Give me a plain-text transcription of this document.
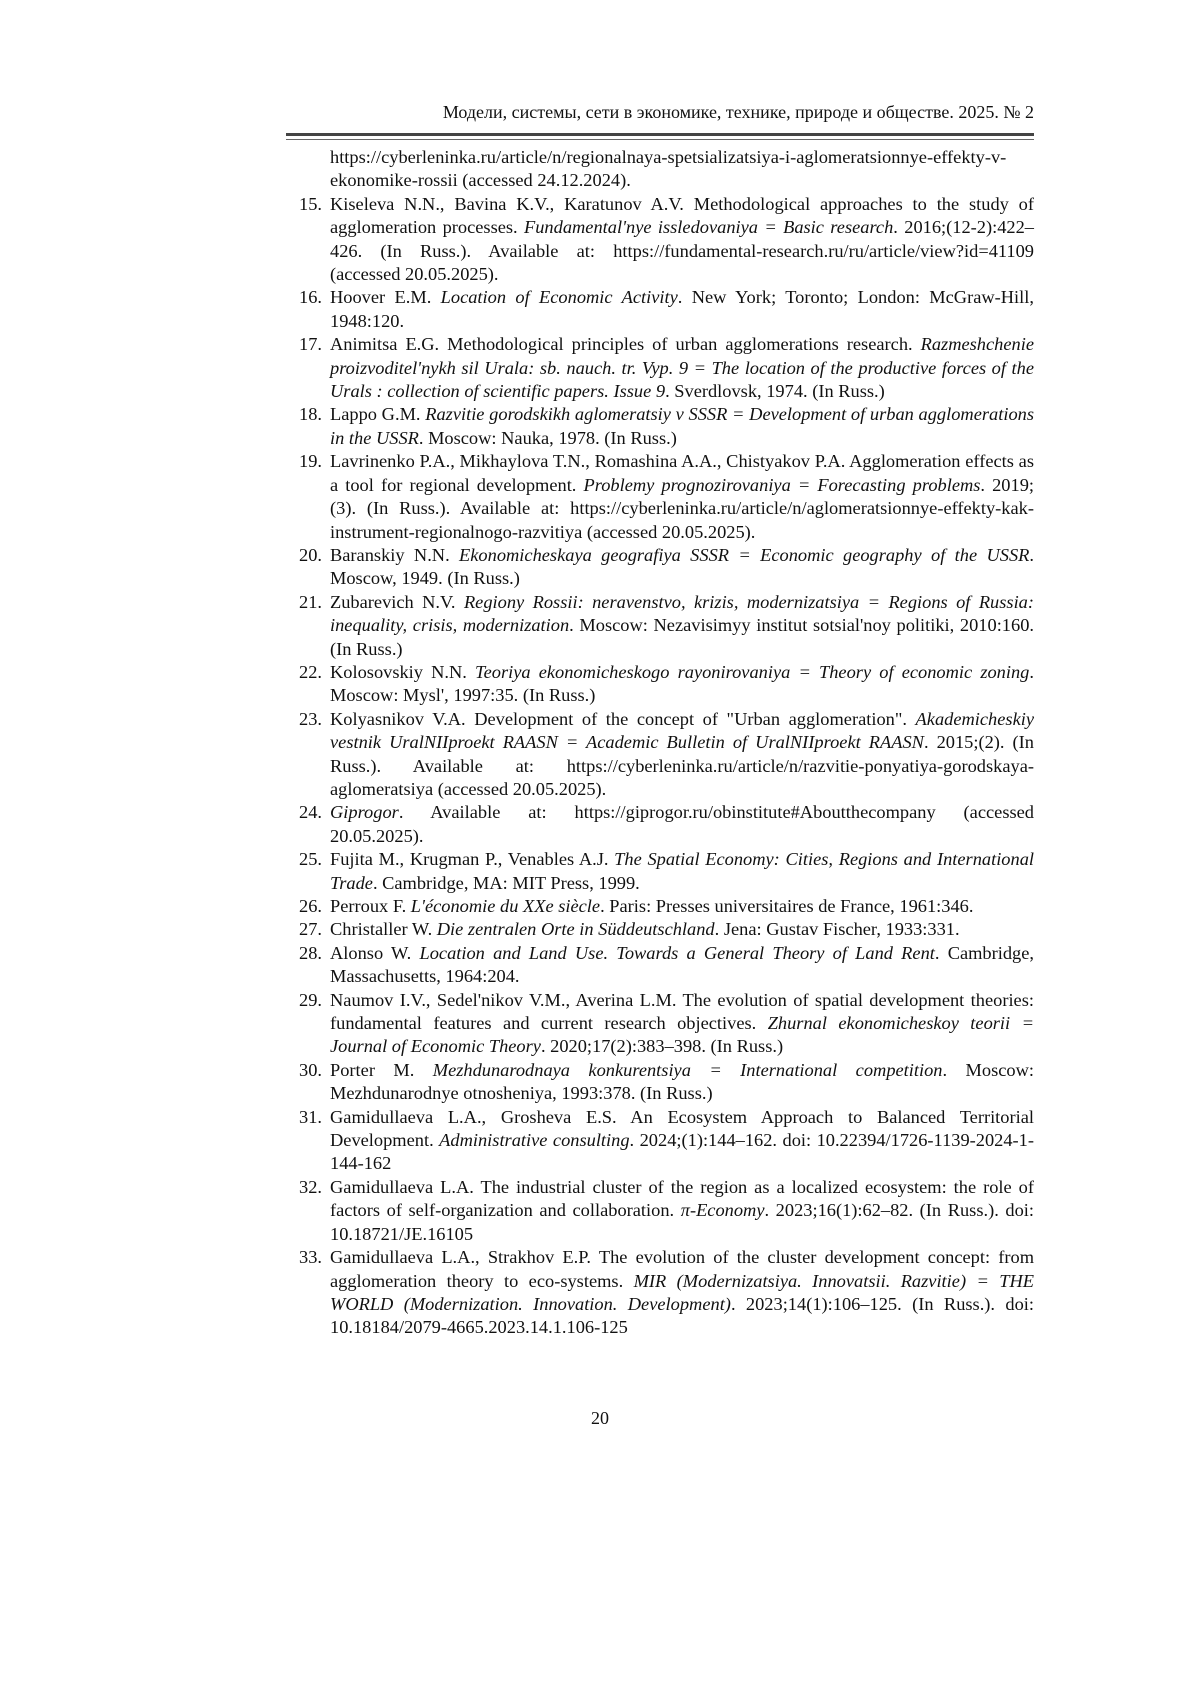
Модели, системы, сети в экономике, технике, природе и обществе. 2025. № 2
https://cyberleninka.ru/article/n/regionalnaya-spetsializatsiya-i-aglomeratsionnye-effekty-v-ekonomike-rossii (accessed 24.12.2024).
15. Kiseleva N.N., Bavina K.V., Karatunov A.V. Methodological approaches to the study of agglomeration processes. Fundamental'nye issledovaniya = Basic research. 2016;(12-2):422–426. (In Russ.). Available at: https://fundamental-research.ru/ru/article/view?id=41109 (accessed 20.05.2025).
16. Hoover E.M. Location of Economic Activity. New York; Toronto; London: McGraw-Hill, 1948:120.
17. Animitsa E.G. Methodological principles of urban agglomerations research. Razmeshchenie proizvoditel'nykh sil Urala: sb. nauch. tr. Vyp. 9 = The location of the productive forces of the Urals : collection of scientific papers. Issue 9. Sverdlovsk, 1974. (In Russ.)
18. Lappo G.M. Razvitie gorodskikh aglomeratsiy v SSSR = Development of urban agglomerations in the USSR. Moscow: Nauka, 1978. (In Russ.)
19. Lavrinenko P.A., Mikhaylova T.N., Romashina A.A., Chistyakov P.A. Agglomeration effects as a tool for regional development. Problemy prognozirovaniya = Forecasting problems. 2019;(3). (In Russ.). Available at: https://cyberleninka.ru/article/n/aglomeratsionnye-effekty-kak-instrument-regionalnogo-razvitiya (accessed 20.05.2025).
20. Baranskiy N.N. Ekonomicheskaya geografiya SSSR = Economic geography of the USSR. Moscow, 1949. (In Russ.)
21. Zubarevich N.V. Regiony Rossii: neravenstvo, krizis, modernizatsiya = Regions of Russia: inequality, crisis, modernization. Moscow: Nezavisimyy institut sotsial'noy politiki, 2010:160. (In Russ.)
22. Kolosovskiy N.N. Teoriya ekonomicheskogo rayonirovaniya = Theory of economic zoning. Moscow: Mysl', 1997:35. (In Russ.)
23. Kolyasnikov V.A. Development of the concept of "Urban agglomeration". Akademicheskiy vestnik UralNIIproekt RAASN = Academic Bulletin of UralNIIproekt RAASN. 2015;(2). (In Russ.). Available at: https://cyberleninka.ru/article/n/razvitie-ponyatiya-gorodskaya-aglomeratsiya (accessed 20.05.2025).
24. Giprogor. Available at: https://giprogor.ru/obinstitute#Aboutthecompany (accessed 20.05.2025).
25. Fujita M., Krugman P., Venables A.J. The Spatial Economy: Cities, Regions and International Trade. Cambridge, MA: MIT Press, 1999.
26. Perroux F. L'économie du XXe siècle. Paris: Presses universitaires de France, 1961:346.
27. Christaller W. Die zentralen Orte in Süddeutschland. Jena: Gustav Fischer, 1933:331.
28. Alonso W. Location and Land Use. Towards a General Theory of Land Rent. Cambridge, Massachusetts, 1964:204.
29. Naumov I.V., Sedel'nikov V.M., Averina L.M. The evolution of spatial development theories: fundamental features and current research objectives. Zhurnal ekonomicheskoy teorii = Journal of Economic Theory. 2020;17(2):383–398. (In Russ.)
30. Porter M. Mezhdunarodnaya konkurentsiya = International competition. Moscow: Mezhdunarodnye otnosheniya, 1993:378. (In Russ.)
31. Gamidullaeva L.A., Grosheva E.S. An Ecosystem Approach to Balanced Territorial Development. Administrative consulting. 2024;(1):144–162. doi: 10.22394/1726-1139-2024-1-144-162
32. Gamidullaeva L.A. The industrial cluster of the region as a localized ecosystem: the role of factors of self-organization and collaboration. π-Economy. 2023;16(1):62–82. (In Russ.). doi: 10.18721/JE.16105
33. Gamidullaeva L.A., Strakhov E.P. The evolution of the cluster development concept: from agglomeration theory to eco-systems. MIR (Modernizatsiya. Innovatsii. Razvitie) = THE WORLD (Modernization. Innovation. Development). 2023;14(1):106–125. (In Russ.). doi: 10.18184/2079-4665.2023.14.1.106-125
20
